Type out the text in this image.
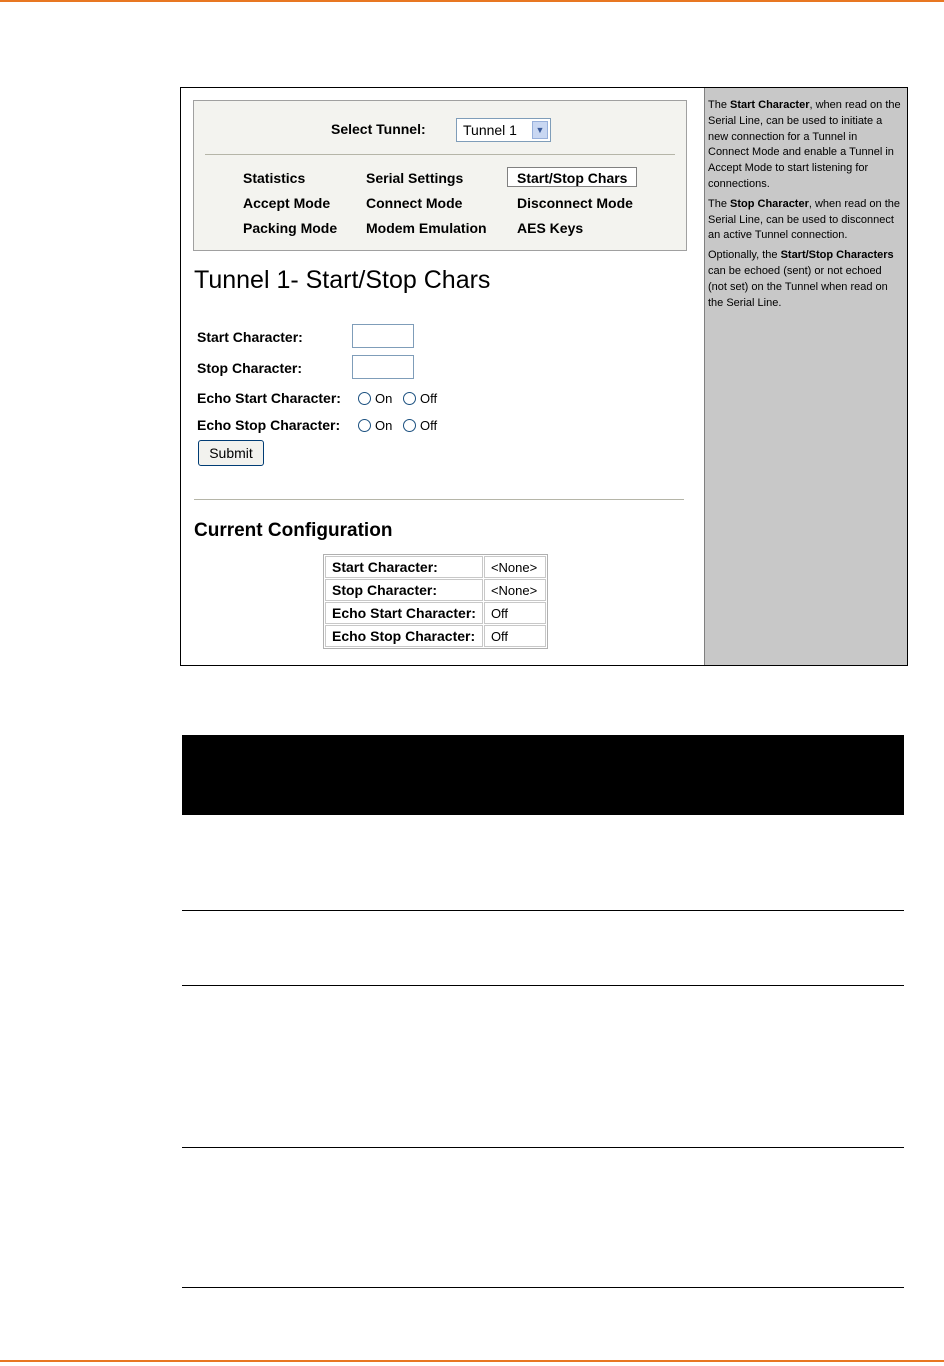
Select Tunnel:	Tunnel 1	▼
Statistics	Serial Settings	Start/Stop Chars
Accept Mode	Connect Mode	Disconnect Mode
Packing Mode Modem Emulation AES Keys
Tunnel 1- Start/Stop Chars
Start Character:
Stop Character:
Echo Start Character:	On Off
Echo Stop Character:	On Off
Submit
Current Configuration
Start Character:	<None>
Stop Character:	<None>
Echo Start Character:	Off
Echo Stop Character:	Off

The Start Character, when read on the Serial Line, can be used to initiate a new connection for a Tunnel in Connect Mode and enable a Tunnel in Accept Mode to start listening for connections.

The Stop Character, when read on the Serial Line, can be used to disconnect an active Tunnel connection.

Optionally, the Start/Stop Characters can be echoed (sent) or not echoed (not set) on the Tunnel when read on the Serial Line.
